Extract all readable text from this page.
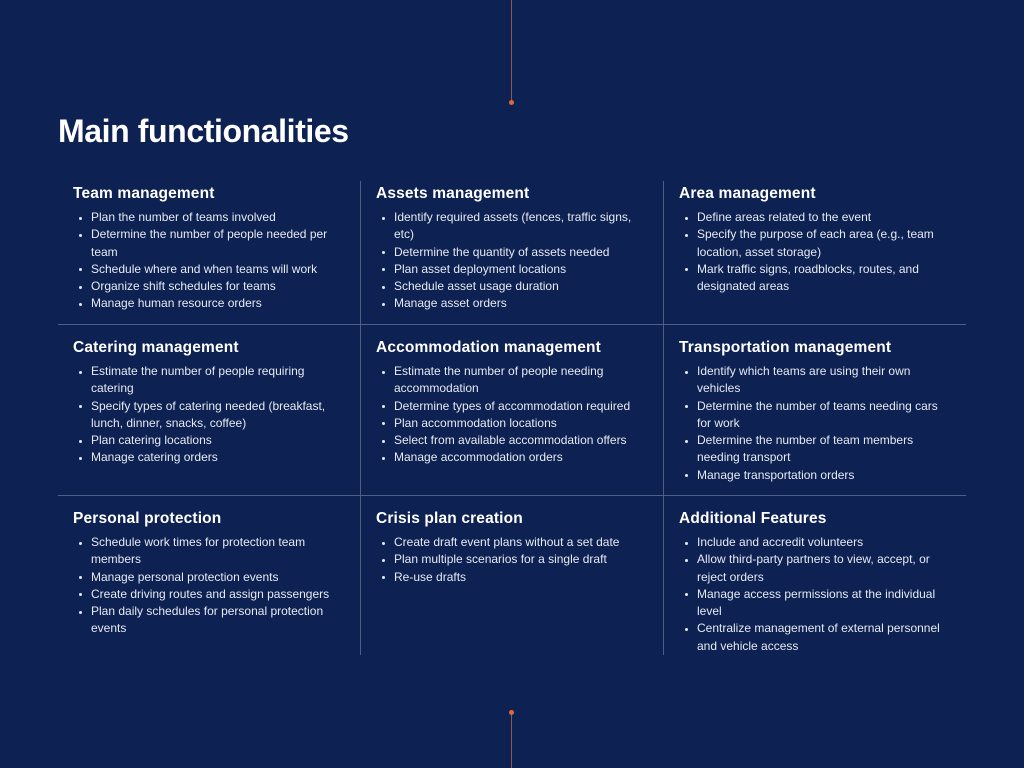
Main functionalities
Team management
Plan the number of teams involved
Determine the number of people needed per team
Schedule where and when teams will work
Organize shift schedules for teams
Manage human resource orders
Assets management
Identify required assets (fences, traffic signs, etc)
Determine the quantity of assets needed
Plan asset deployment locations
Schedule asset usage duration
Manage asset orders
Area management
Define areas related to the event
Specify the purpose of each area (e.g., team location, asset storage)
Mark traffic signs, roadblocks, routes, and designated areas
Catering management
Estimate the number of people requiring catering
Specify types of catering needed (breakfast, lunch, dinner, snacks, coffee)
Plan catering locations
Manage catering orders
Accommodation management
Estimate the number of people needing accommodation
Determine types of accommodation required
Plan accommodation locations
Select from available accommodation offers
Manage accommodation orders
Transportation management
Identify which teams are using their own vehicles
Determine the number of teams needing cars for work
Determine the number of team members needing transport
Manage transportation orders
Personal protection
Schedule work times for protection team members
Manage personal protection events
Create driving routes and assign passengers
Plan daily schedules for personal protection events
Crisis plan creation
Create draft event plans without a set date
Plan multiple scenarios for a single draft
Re-use drafts
Additional Features
Include and accredit volunteers
Allow third-party partners to view, accept, or reject orders
Manage access permissions at the individual level
Centralize management of external personnel and vehicle access
